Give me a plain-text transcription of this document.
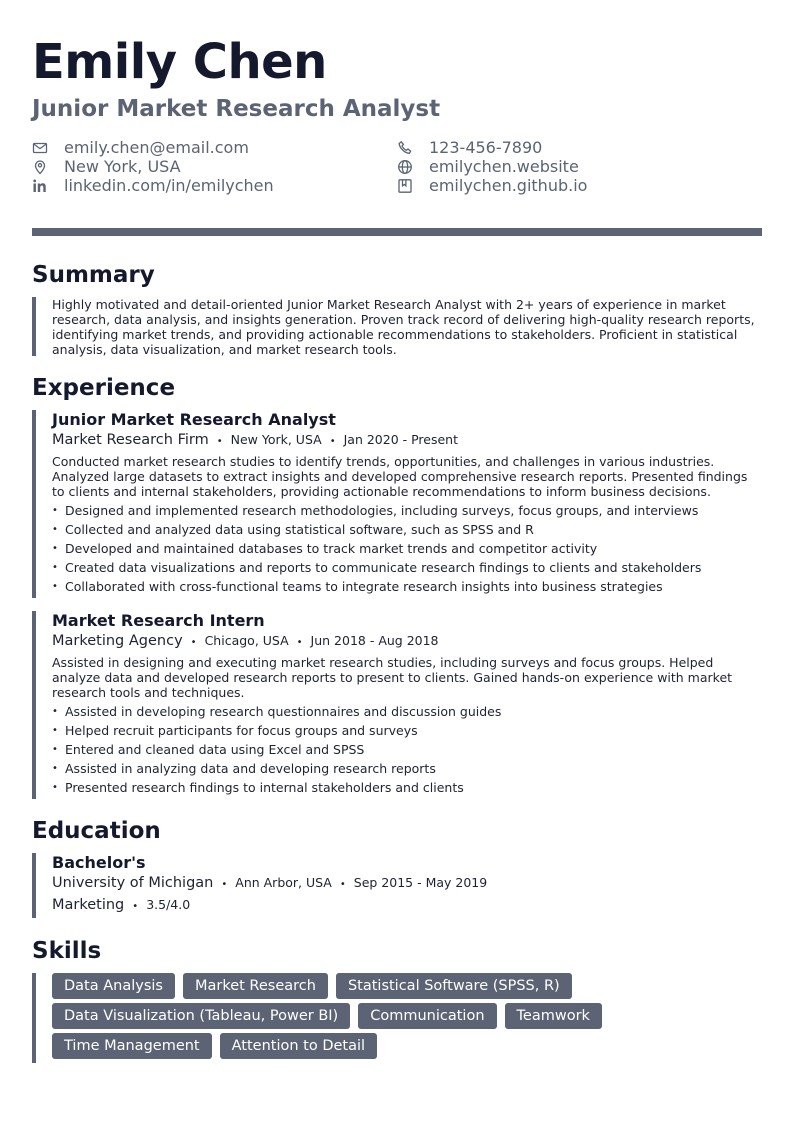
Emily Chen
Junior Market Research Analyst
emily.chen@email.com	123-456-7890
New York, USA	emilychen.website
linkedin.com/in/emilychen	emilychen.github.io
Summary

Highly motivated and detail-oriented Junior Market Research Analyst with 2+ years of experience in market research, data analysis, and insights generation. Proven track record of delivering high-quality research reports, identifying market trends, and providing actionable recommendations to stakeholders. Proficient in statistical analysis, data visualization, and market research tools.

Experience

Junior Market Research Analyst

Market Research Firm • New York, USA • Jan 2020 - Present

Conducted market research studies to identify trends, opportunities, and challenges in various industries. Analyzed large datasets to extract insights and developed comprehensive research reports. Presented findings to clients and internal stakeholders, providing actionable recommendations to inform business decisions.

• Designed and implemented research methodologies, including surveys, focus groups, and interviews
• Collected and analyzed data using statistical software, such as SPSS and R
• Developed and maintained databases to track market trends and competitor activity
• Created data visualizations and reports to communicate research findings to clients and stakeholders
• Collaborated with cross-functional teams to integrate research insights into business strategies

Market Research Intern

Marketing Agency • Chicago, USA • Jun 2018 - Aug 2018

Assisted in designing and executing market research studies, including surveys and focus groups. Helped analyze data and developed research reports to present to clients. Gained hands-on experience with market research tools and techniques.

• Assisted in developing research questionnaires and discussion guides
• Helped recruit participants for focus groups and surveys
• Entered and cleaned data using Excel and SPSS
• Assisted in analyzing data and developing research reports
• Presented research findings to internal stakeholders and clients
Education

Bachelor's

University of Michigan • Ann Arbor, USA • Sep 2015 - May 2019
Marketing • 3.5/4.0
Skills
Data Analysis	Market Research	Statistical Software (SPSS, R)
Data Visualization (Tableau, Power BI)	Communication	Teamwork
Time Management	Attention to Detail
